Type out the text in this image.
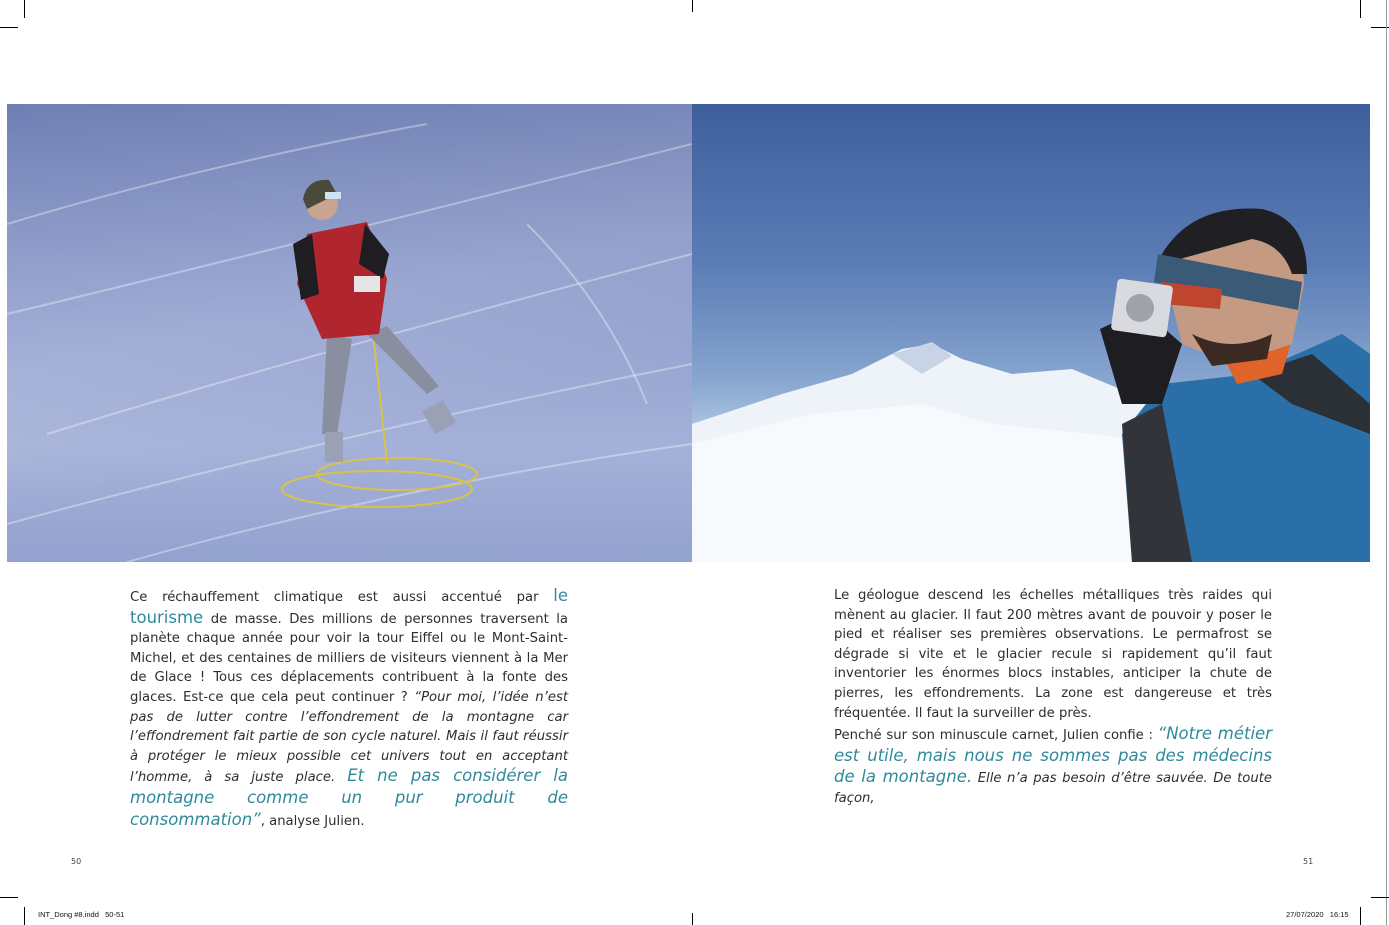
Ce réchauffement climatique est aussi accentué par le tourisme de masse. Des millions de personnes traversent la planète chaque année pour voir la tour Eiffel ou le Mont-Saint-Michel, et des centaines de milliers de visiteurs viennent à la Mer de Glace ! Tous ces déplacements contribuent à la fonte des glaces. Est-ce que cela peut continuer ? “Pour moi, l’idée n’est pas de lutter contre l’effondrement de la montagne car l’effondrement fait partie de son cycle naturel. Mais il faut réussir à protéger le mieux possible cet univers tout en acceptant l’homme, à sa juste place. Et ne pas considérer la montagne comme un pur produit de consommation”, analyse Julien.

Le géologue descend les échelles métalliques très raides qui mènent au glacier. Il faut 200 mètres avant de pouvoir y poser le pied et réaliser ses premières observations. Le permafrost se dégrade si vite et le glacier recule si rapidement qu’il faut inventorier les énormes blocs instables, anticiper la chute de pierres, les effondrements. La zone est dangereuse et très fréquentée. Il faut la surveiller de près.

Penché sur son minuscule carnet, Julien confie : “Notre métier est utile, mais nous ne sommes pas des médecins de la montagne. Elle n’a pas besoin d’être sauvée. De toute façon,

50	51
INT_Dong #8.indd   50-51	27/07/2020   16:15
